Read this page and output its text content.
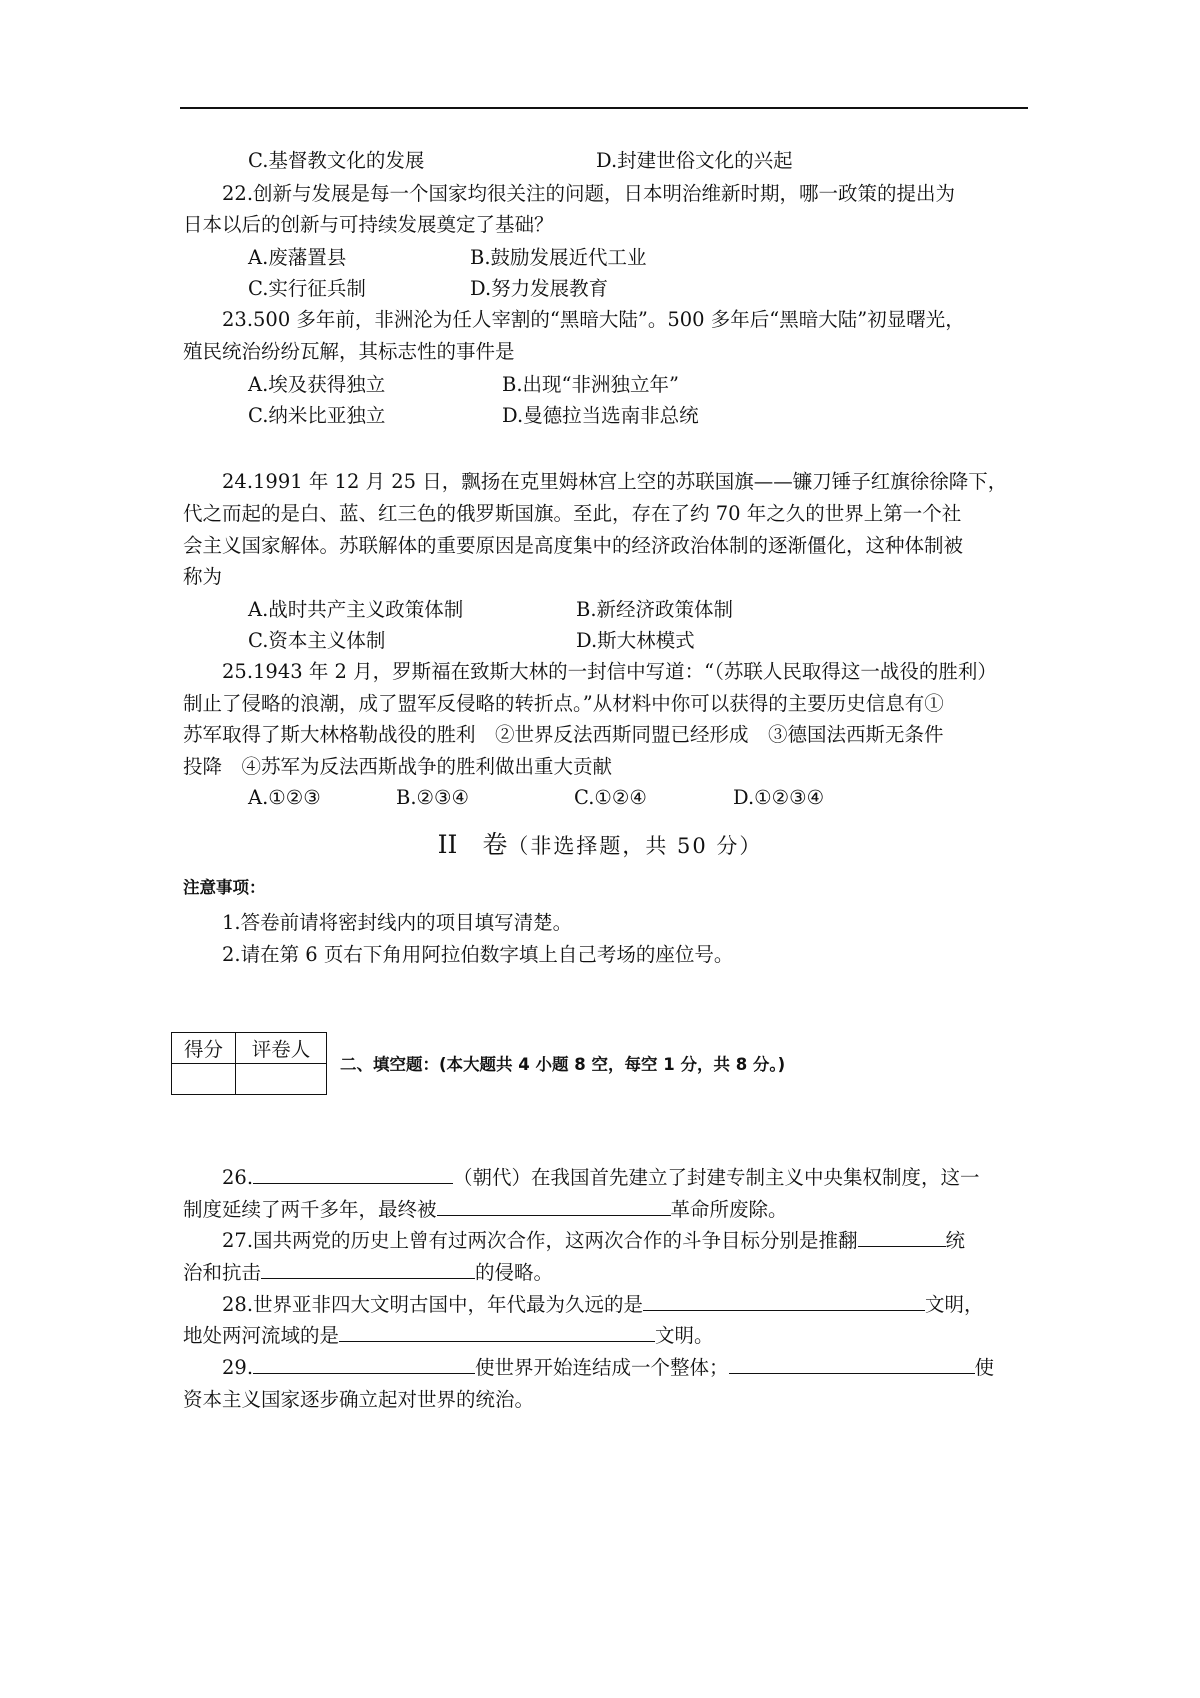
C.基督教文化的发展	D.封建世俗文化的兴起
22.创新与发展是每一个国家均很关注的问题，日本明治维新时期，哪一政策的提出为
日本以后的创新与可持续发展奠定了基础？
A.废藩置县	B.鼓励发展近代工业
C.实行征兵制	D.努力发展教育
23.500 多年前，非洲沦为任人宰割的“黑暗大陆”。500 多年后“黑暗大陆”初显曙光，
殖民统治纷纷瓦解，其标志性的事件是
A.埃及获得独立	B.出现“非洲独立年”
C.纳米比亚独立	D.曼德拉当选南非总统
24.1991 年 12 月 25 日，飘扬在克里姆林宫上空的苏联国旗——镰刀锤子红旗徐徐降下，
代之而起的是白、蓝、红三色的俄罗斯国旗。至此，存在了约 70 年之久的世界上第一个社
会主义国家解体。苏联解体的重要原因是高度集中的经济政治体制的逐渐僵化，这种体制被
称为
A.战时共产主义政策体制	B.新经济政策体制
C.资本主义体制	D.斯大林模式
25.1943 年 2 月，罗斯福在致斯大林的一封信中写道：“（苏联人民取得这一战役的胜利）
制止了侵略的浪潮，成了盟军反侵略的转折点。”从材料中你可以获得的主要历史信息有①
苏军取得了斯大林格勒战役的胜利　②世界反法西斯同盟已经形成　③德国法西斯无条件
投降　④苏军为反法西斯战争的胜利做出重大贡献
A.①②③	B.②③④	C.①②④	D.①②③④
II　卷（非选择题，共 50 分）
注意事项：
1.答卷前请将密封线内的项目填写清楚。
2.请在第 6 页右下角用阿拉伯数字填上自己考场的座位号。
得分	评卷人

二、填空题：(本大题共 4 小题 8 空，每空 1 分，共 8 分。)
26.	（朝代）在我国首先建立了封建专制主义中央集权制度，这一
制度延续了两千多年，最终被	革命所废除。
27.国共两党的历史上曾有过两次合作，这两次合作的斗争目标分别是推翻	统
治和抗击	的侵略。
28.世界亚非四大文明古国中，年代最为久远的是	文明，
地处两河流域的是	文明。
29.	使世界开始连结成一个整体；	使
资本主义国家逐步确立起对世界的统治。
